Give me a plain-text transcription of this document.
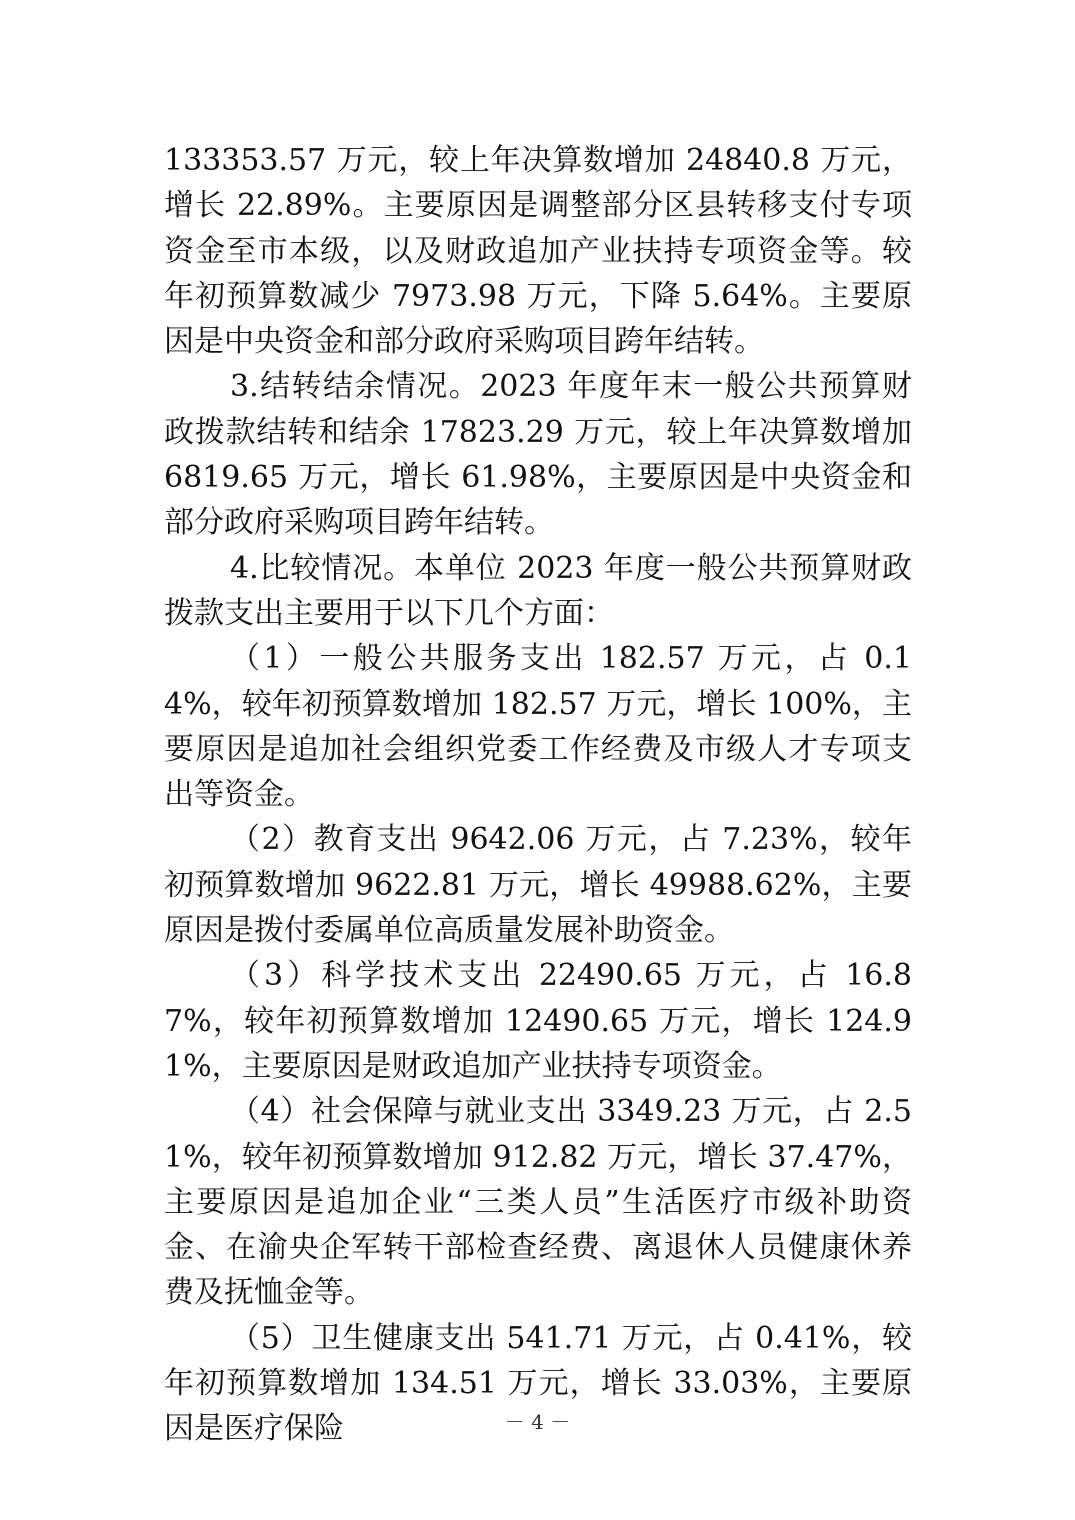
133353.57 万元，较上年决算数增加 24840.8 万元，增长 22.89%。主要原因是调整部分区县转移支付专项资金至市本级，以及财政追加产业扶持专项资金等。较年初预算数减少 7973.98 万元，下降 5.64%。主要原因是中央资金和部分政府采购项目跨年结转。

3.结转结余情况。2023 年度年末一般公共预算财政拨款结转和结余 17823.29 万元，较上年决算数增加 6819.65 万元，增长 61.98%，主要原因是中央资金和部分政府采购项目跨年结转。

4.比较情况。本单位 2023 年度一般公共预算财政拨款支出主要用于以下几个方面：

（1）一般公共服务支出 182.57 万元，占 0.14%，较年初预算数增加 182.57 万元，增长 100%，主要原因是追加社会组织党委工作经费及市级人才专项支出等资金。

（2）教育支出 9642.06 万元，占 7.23%，较年初预算数增加 9622.81 万元，增长 49988.62%，主要原因是拨付委属单位高质量发展补助资金。

（3）科学技术支出 22490.65 万元，占 16.87%，较年初预算数增加 12490.65 万元，增长 124.91%，主要原因是财政追加产业扶持专项资金。

（4）社会保障与就业支出 3349.23 万元，占 2.51%，较年初预算数增加 912.82 万元，增长 37.47%，主要原因是追加企业“三类人员”生活医疗市级补助资金、在渝央企军转干部检查经费、离退休人员健康休养费及抚恤金等。

（5）卫生健康支出 541.71 万元，占 0.41%，较年初预算数增加 134.51 万元，增长 33.03%，主要原因是医疗保险	－ 4 －
